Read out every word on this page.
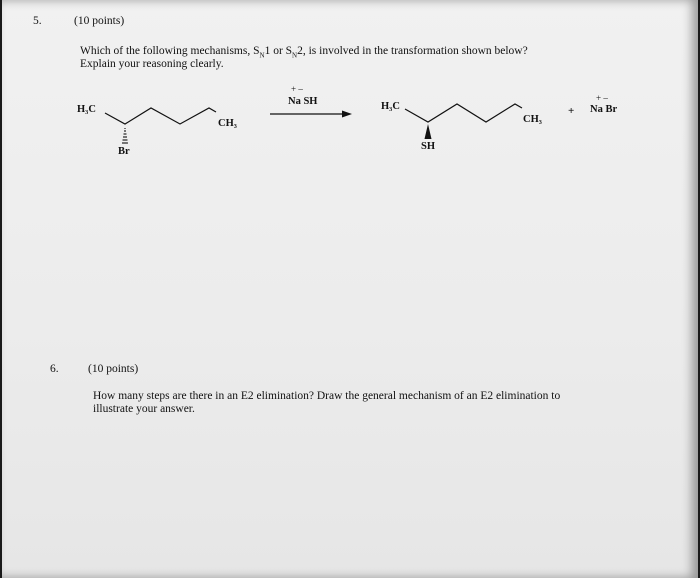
5.	(10 points)
Which of the following mechanisms, $S_N1$ or $S_N2$, is involved in the transformation shown below?
Explain your reasoning clearly.
H₃C
CH₃
Br
+ –
Na SH	H₃C
CH₃
SH
+
+ –
Na Br
6.	(10 points)
How many steps are there in an E2 elimination? Draw the general mechanism of an E2 elimination to
illustrate your answer.
